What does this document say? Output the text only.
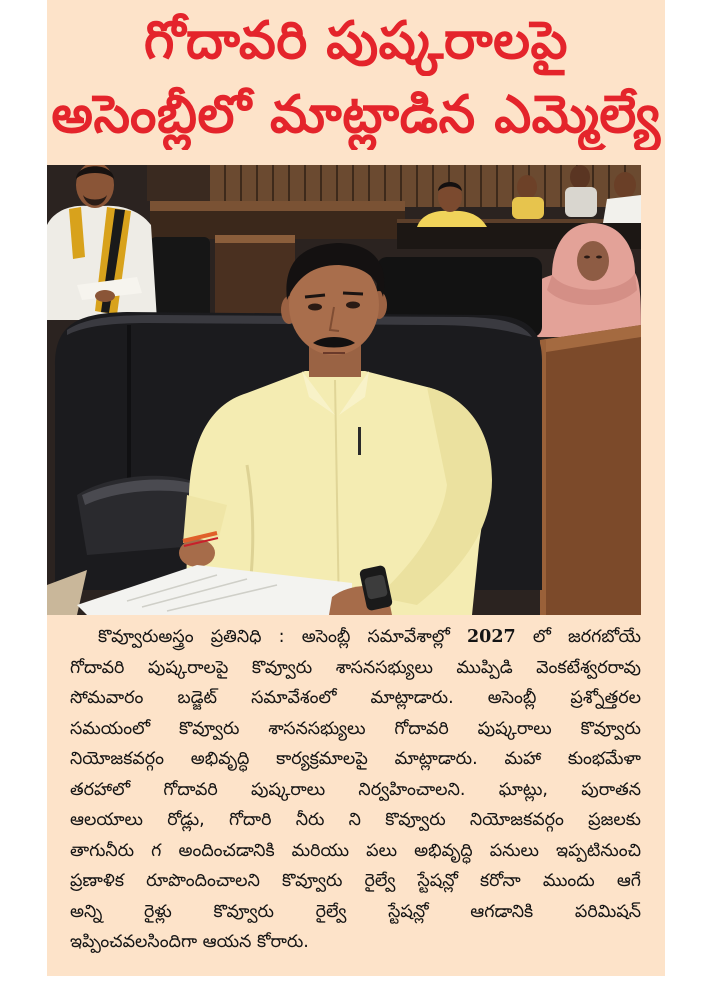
గోదావరి పుష్కరాలపై
అసెంబ్లీలో మాట్లాడిన ఎమ్మెల్యే
కొవ్వూరుఅస్త్రం ప్రతినిధి : అసెంబ్లీ సమావేశాల్లో 2027 లో జరగబోయే
గోదావరి పుష్కరాలపై కొవ్వూరు శాసనసభ్యులు ముప్పిడి వెంకటేశ్వరరావు
సోమవారం బడ్జెట్ సమావేశంలో మాట్లాడారు. అసెంబ్లీ ప్రశ్నోత్తరల
సమయంలో కొవ్వూరు శాసనసభ్యులు గోదావరి పుష్కరాలు కొవ్వూరు
నియోజకవర్గం అభివృద్ధి కార్యక్రమాలపై మాట్లాడారు. మహా కుంభమేళా
తరహాలో గోదావరి పుష్కరాలు నిర్వహించాలని. ఘాట్లు, పురాతన
ఆలయాలు రోడ్లు, గోదారి నీరు ని కొవ్వూరు నియోజకవర్గం ప్రజలకు
తాగునీరు గ అందించడానికి మరియు పలు అభివృద్ధి పనులు ఇప్పటినుంచి
ప్రణాళిక రూపొందించాలని కొవ్వూరు రైల్వే స్టేషన్లో కరోనా ముందు ఆగే
అన్ని రైళ్లు కొవ్వూరు రైల్వే స్టేషన్లో ఆగడానికి పరిమిషన్
ఇప్పించవలసిందిగా ఆయన కోరారు.
